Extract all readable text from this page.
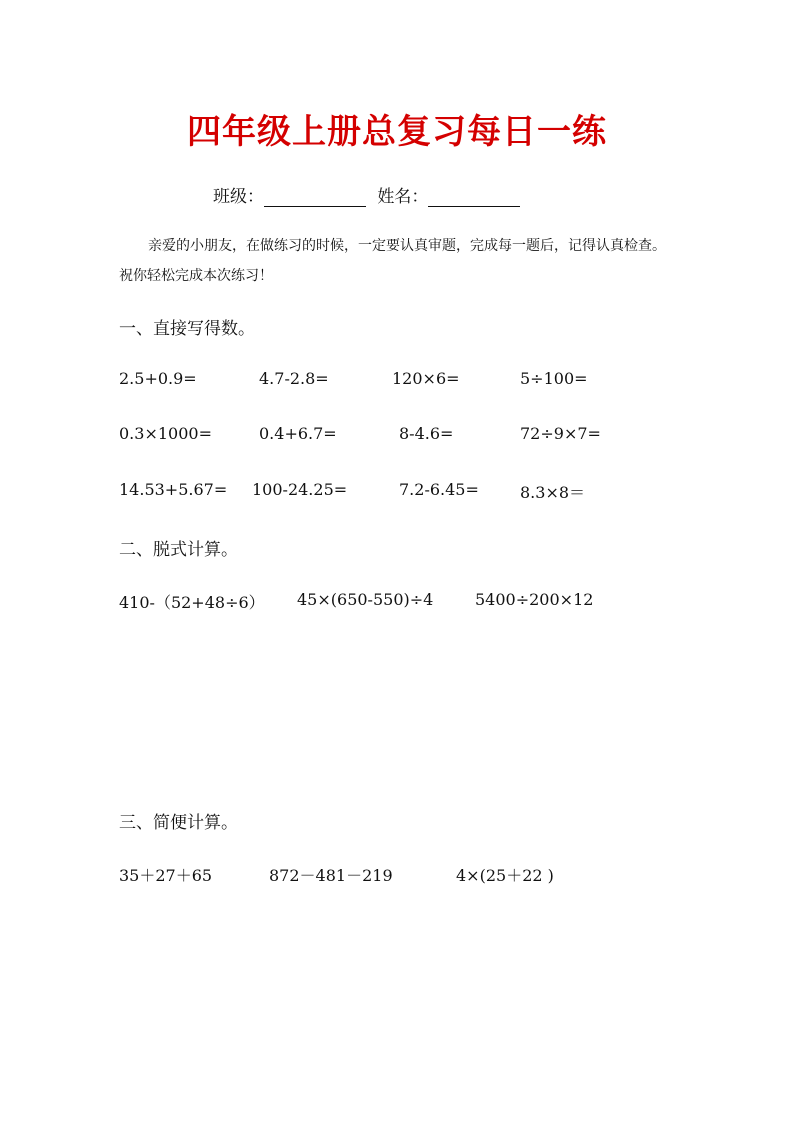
四年级上册总复习每日一练
班级：	姓名：
亲爱的小朋友，在做练习的时候，一定要认真审题，完成每一题后，记得认真检查。
祝你轻松完成本次练习！
一、直接写得数。
2.5+0.9=	4.7-2.8=	120×6=	5÷100=
0.3×1000=	0.4+6.7=	8-4.6=	72÷9×7=
14.53+5.67= 100-24.25=	7.2-6.45=	8.3×8＝
二、脱式计算。
410-（52+48÷6） 45×(650-550)÷4	5400÷200×12
三、简便计算。
35＋27＋65	872－481－219	4×(25＋22 )
